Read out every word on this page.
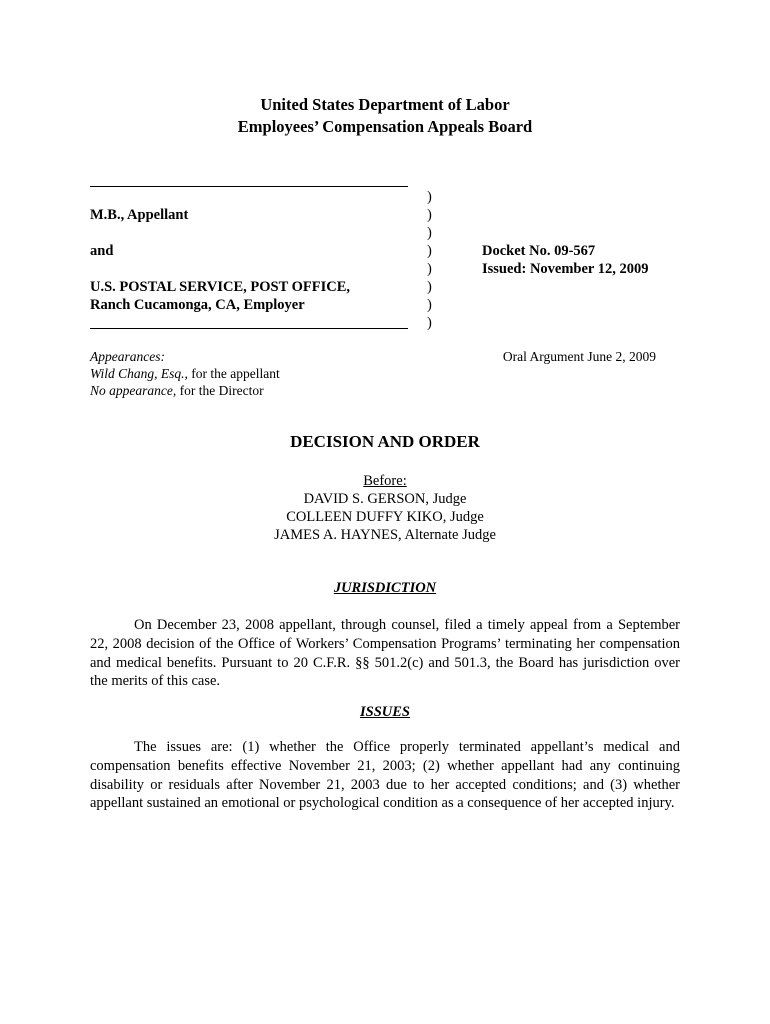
United States Department of Labor
Employees’ Compensation Appeals Board
M.B., Appellant
and
U.S. POSTAL SERVICE, POST OFFICE,
Ranch Cucamonga, CA, Employer
)
)
)
)
)
)
)
)
Docket No. 09-567
Issued: November 12, 2009
Appearances:
Wild Chang, Esq., for the appellant
No appearance, for the Director
Oral Argument June 2, 2009
DECISION AND ORDER
Before:
DAVID S. GERSON, Judge
COLLEEN DUFFY KIKO, Judge
JAMES A. HAYNES, Alternate Judge
JURISDICTION

On December 23, 2008 appellant, through counsel, filed a timely appeal from a September 22, 2008 decision of the Office of Workers’ Compensation Programs’ terminating her compensation and medical benefits. Pursuant to 20 C.F.R. §§ 501.2(c) and 501.3, the Board has jurisdiction over the merits of this case.

ISSUES

The issues are: (1) whether the Office properly terminated appellant’s medical and compensation benefits effective November 21, 2003; (2) whether appellant had any continuing disability or residuals after November 21, 2003 due to her accepted conditions; and (3) whether appellant sustained an emotional or psychological condition as a consequence of her accepted injury.
